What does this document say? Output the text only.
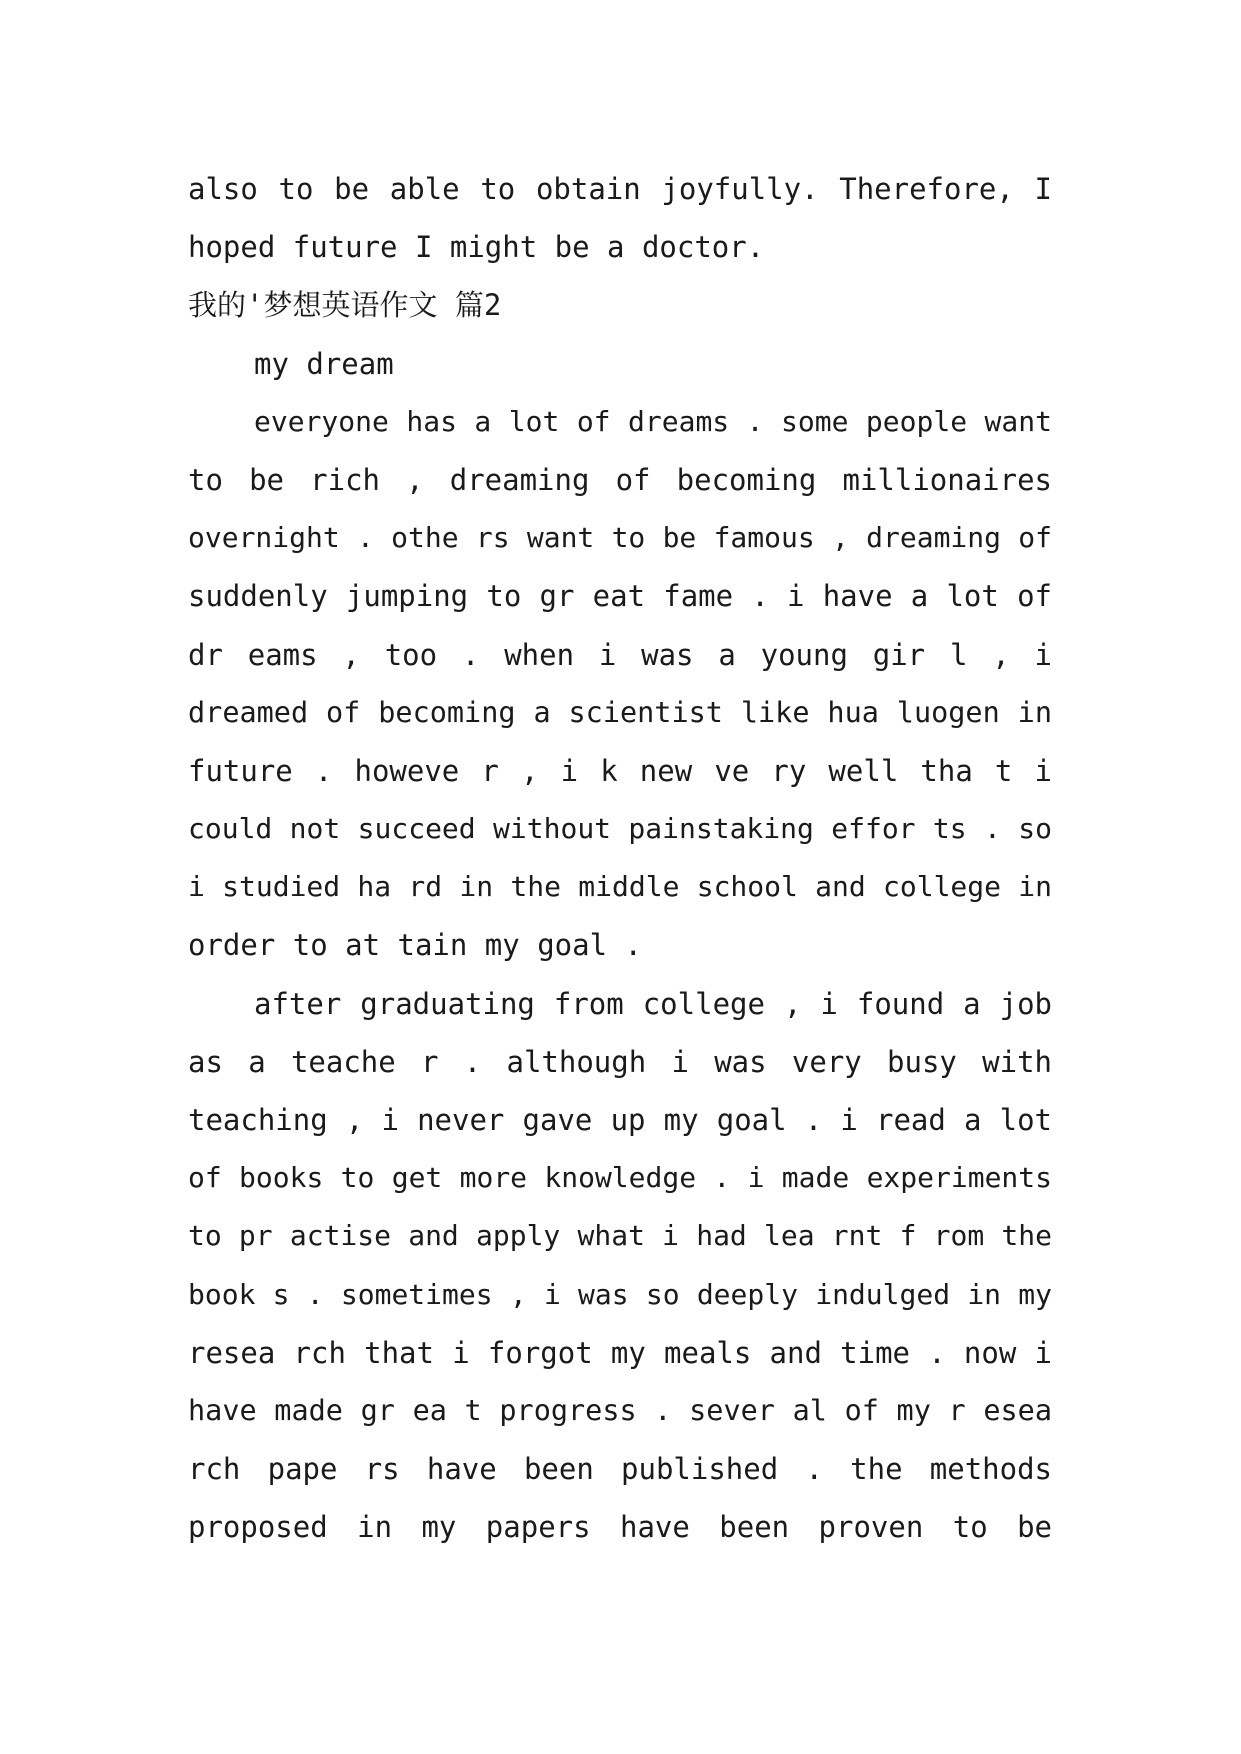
also to be able to obtain joyfully. Therefore, I
hoped future I might be a doctor.
我的'梦想英语作文 篇2
my dream
everyone has a lot of dreams . some people want
to be rich , dreaming of becoming millionaires
overnight . othe rs want to be famous , dreaming of
suddenly jumping to gr eat fame . i have a lot of
dr eams , too . when i was a young gir l , i
dreamed of becoming a scientist like hua luogen in
future . howeve r , i k new ve ry well tha t i
could not succeed without painstaking effor ts . so
i studied ha rd in the middle school and college in
order to at tain my goal .
after graduating from college , i found a job
as a teache r . although i was very busy with
teaching , i never gave up my goal . i read a lot
of books to get more knowledge . i made experiments
to pr actise and apply what i had lea rnt f rom the
book s . sometimes , i was so deeply indulged in my
resea rch that i forgot my meals and time . now i
have made gr ea t progress . sever al of my r esea
rch pape rs have been published . the methods
proposed in my papers have been proven to be
